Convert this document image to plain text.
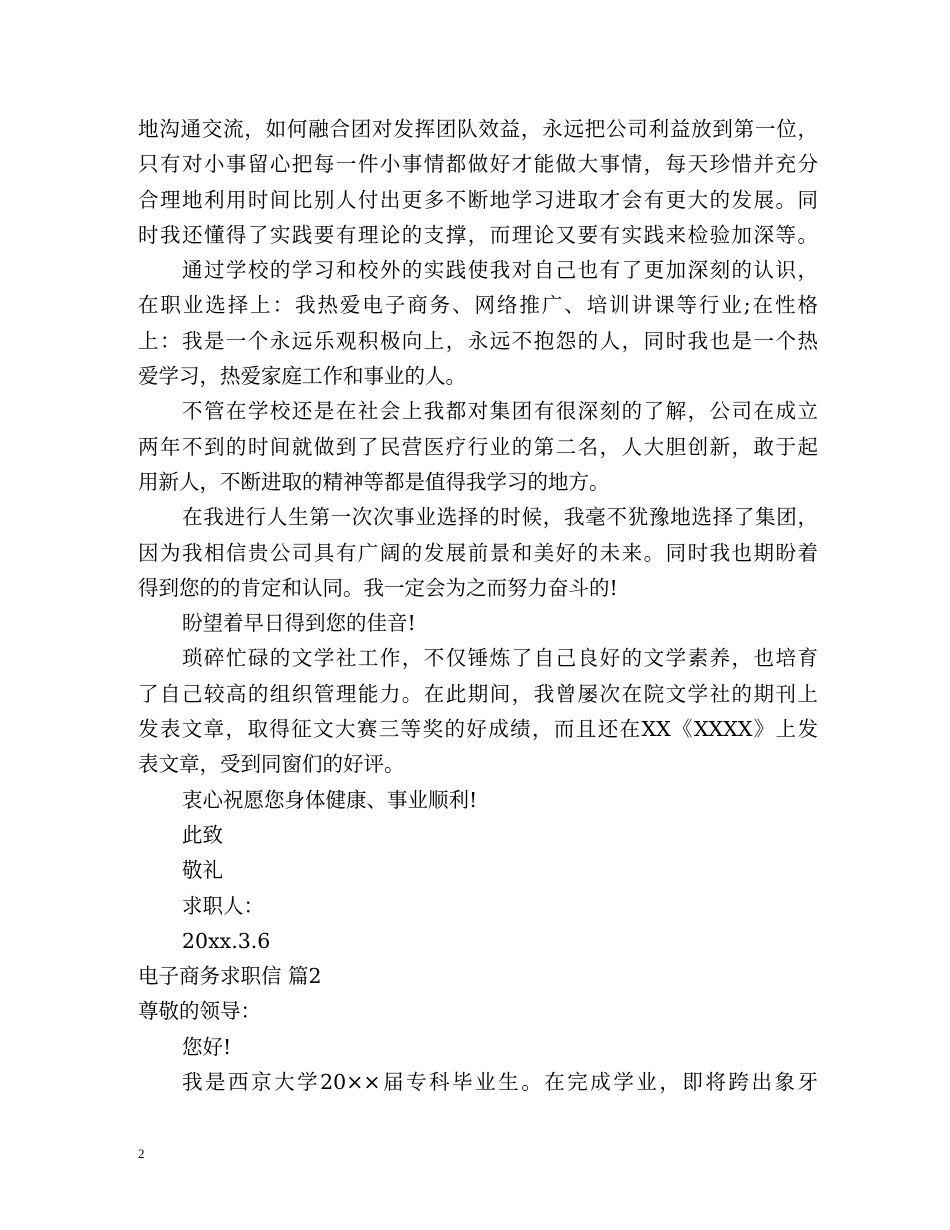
地沟通交流，如何融合团对发挥团队效益，永远把公司利益放到第一位，
只有对小事留心把每一件小事情都做好才能做大事情，每天珍惜并充分
合理地利用时间比别人付出更多不断地学习进取才会有更大的发展。同
时我还懂得了实践要有理论的支撑，而理论又要有实践来检验加深等。
通过学校的学习和校外的实践使我对自己也有了更加深刻的认识，
在职业选择上：我热爱电子商务、网络推广、培训讲课等行业;在性格
上：我是一个永远乐观积极向上，永远不抱怨的人，同时我也是一个热
爱学习，热爱家庭工作和事业的人。
不管在学校还是在社会上我都对集团有很深刻的了解，公司在成立
两年不到的时间就做到了民营医疗行业的第二名，人大胆创新，敢于起
用新人，不断进取的精神等都是值得我学习的地方。
在我进行人生第一次次事业选择的时候，我毫不犹豫地选择了集团，
因为我相信贵公司具有广阔的发展前景和美好的未来。同时我也期盼着
得到您的的肯定和认同。我一定会为之而努力奋斗的!
盼望着早日得到您的佳音!
琐碎忙碌的文学社工作，不仅锤炼了自己良好的文学素养，也培育
了自己较高的组织管理能力。在此期间，我曾屡次在院文学社的期刊上
发表文章，取得征文大赛三等奖的好成绩，而且还在XX《XXXX》上发
表文章，受到同窗们的好评。
衷心祝愿您身体健康、事业顺利!
此致
敬礼
求职人：
20xx.3.6
电子商务求职信 篇2
尊敬的领导：
您好!
我是西京大学20××届专科毕业生。在完成学业，即将跨出象牙
2
